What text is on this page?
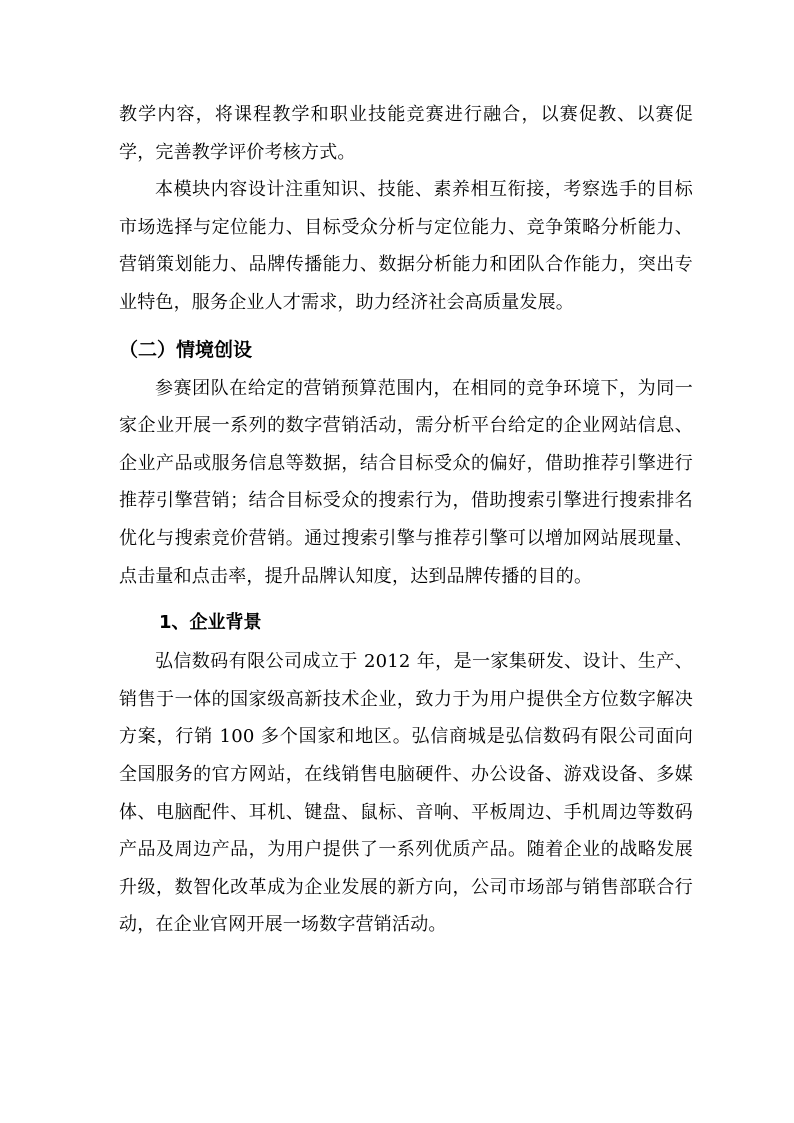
教学内容，将课程教学和职业技能竞赛进行融合，以赛促教、以赛促学，完善教学评价考核方式。

本模块内容设计注重知识、技能、素养相互衔接，考察选手的目标市场选择与定位能力、目标受众分析与定位能力、竞争策略分析能力、营销策划能力、品牌传播能力、数据分析能力和团队合作能力，突出专业特色，服务企业人才需求，助力经济社会高质量发展。

（二）情境创设

参赛团队在给定的营销预算范围内，在相同的竞争环境下，为同一家企业开展一系列的数字营销活动，需分析平台给定的企业网站信息、企业产品或服务信息等数据，结合目标受众的偏好，借助推荐引擎进行推荐引擎营销；结合目标受众的搜索行为，借助搜索引擎进行搜索排名优化与搜索竞价营销。通过搜索引擎与推荐引擎可以增加网站展现量、点击量和点击率，提升品牌认知度，达到品牌传播的目的。

1、企业背景

弘信数码有限公司成立于 2012 年，是一家集研发、设计、生产、销售于一体的国家级高新技术企业，致力于为用户提供全方位数字解决方案，行销 100 多个国家和地区。弘信商城是弘信数码有限公司面向全国服务的官方网站，在线销售电脑硬件、办公设备、游戏设备、多媒体、电脑配件、耳机、键盘、鼠标、音响、平板周边、手机周边等数码产品及周边产品，为用户提供了一系列优质产品。随着企业的战略发展升级，数智化改革成为企业发展的新方向，公司市场部与销售部联合行动，在企业官网开展一场数字营销活动。
